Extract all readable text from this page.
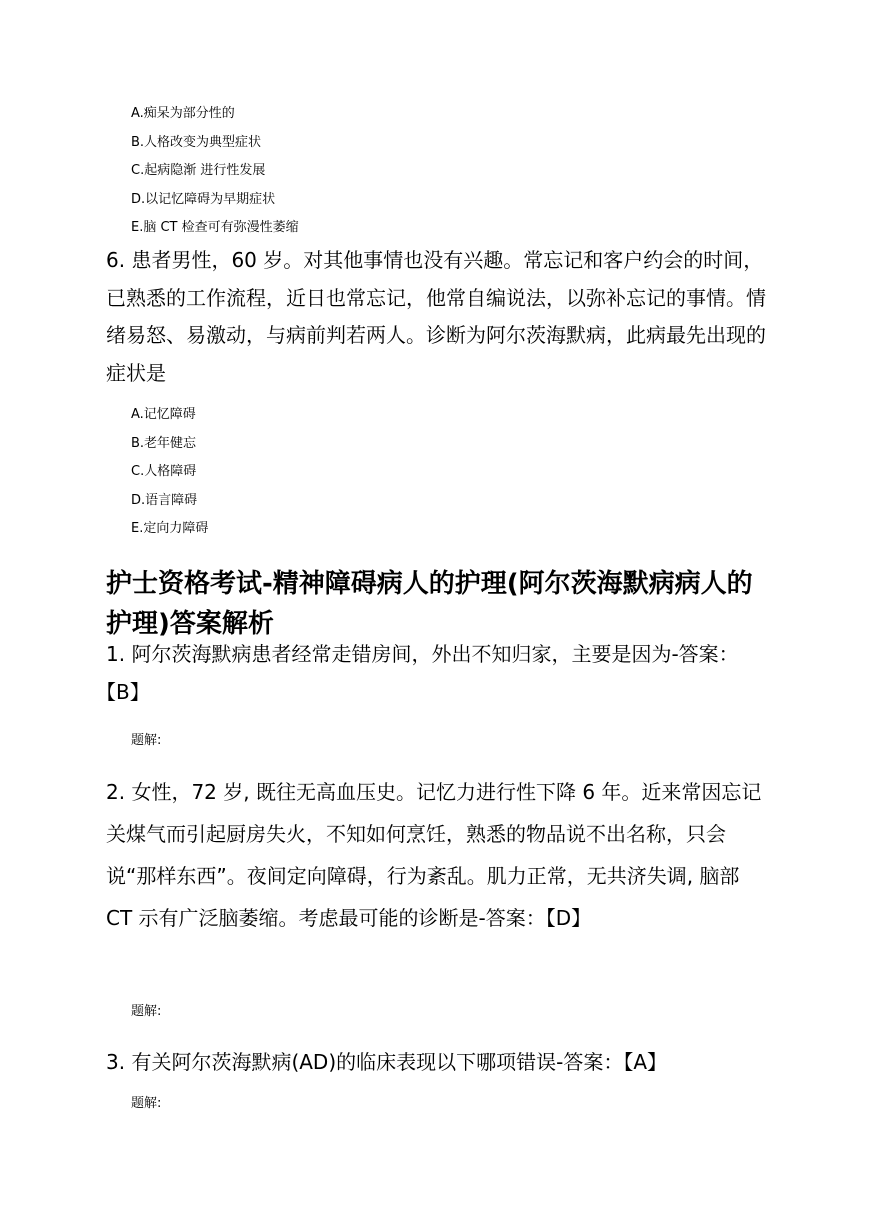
A.痴呆为部分性的
B.人格改变为典型症状
C.起病隐渐 进行性发展
D.以记忆障碍为早期症状
E.脑 CT 检查可有弥漫性萎缩
6. 患者男性，60 岁。对其他事情也没有兴趣。常忘记和客户约会的时间，已熟悉的工作流程，近日也常忘记，他常自编说法，以弥补忘记的事情。情绪易怒、易激动，与病前判若两人。诊断为阿尔茨海默病，此病最先出现的症状是
A.记忆障碍
B.老年健忘
C.人格障碍
D.语言障碍
E.定向力障碍
护士资格考试-精神障碍病人的护理(阿尔茨海默病病人的护理)答案解析
1. 阿尔茨海默病患者经常走错房间，外出不知归家，主要是因为-答案：【B】
题解:
2. 女性，72 岁, 既往无高血压史。记忆力进行性下降 6 年。近来常因忘记关煤气而引起厨房失火，不知如何烹饪，熟悉的物品说不出名称，只会说“那样东西”。夜间定向障碍，行为紊乱。肌力正常，无共济失调, 脑部 CT 示有广泛脑萎缩。考虑最可能的诊断是-答案：【D】
题解:
3. 有关阿尔茨海默病(AD)的临床表现以下哪项错误-答案：【A】
题解:
